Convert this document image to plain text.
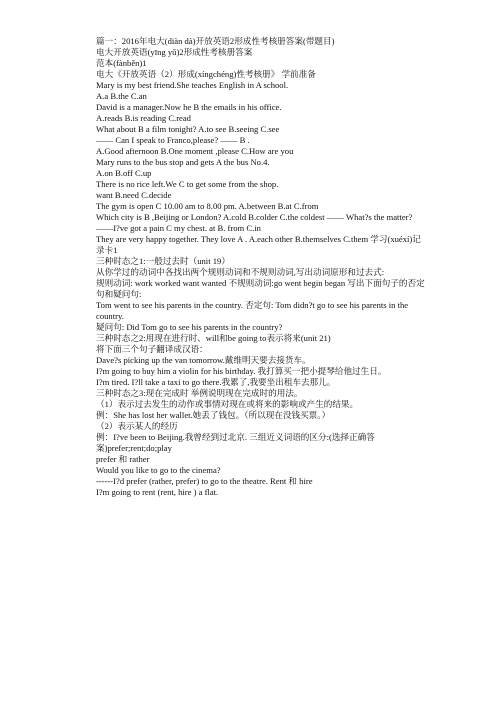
篇一：2016年电大(diàn dà)开放英语2形成性考核册答案(带题目)

电大开放英语(yīng yǔ)2形成性考核册答案

范本(fànběn)1

电大《开放英语（2）形成(xíngchéng)性考核册》 学前准备

Mary is my best friend.She teaches English in A school.

A.a B.the C.an

David is a manager.Now he B the emails in his office.

A.reads B.is reading C.read

What about B a film tonight? A.to see B.seeing C.see

—— Can I speak to Franco,please? —— B .

A.Good afternoon B.One moment ,please C.How are you

Mary runs to the bus stop and gets A the bus No.4.

A.on B.off C.up

There is no rice left.We C to get some from the shop.

want B.need C.decide

The gym is open C 10.00 am to 8.00 pm. A.between B.at C.from

Which city is B ,Beijing or London? A.cold B.colder C.the coldest —— What?s the matter?

——I?ve got a pain C my chest. at B. from C.in

They are very happy together. They love A . A.each other B.themselves C.them 学习(xuéxí)记录卡1

三种时态之1:一般过去时（unit 19）

从你学过的动词中各找出两个规则动词和不规则动词,写出动词原形和过去式:

规则动词: work worked want wanted 不规则动词:go went begin began 写出下面句子的否定句和疑问句:

Tom went to see his parents in the country. 否定句: Tom didn?t go to see his parents in the country.

疑问句: Did Tom go to see his parents in the country?

三种时态之2:用现在进行时、will和be going to表示将来(unit 21)

将下面三个句子翻译成汉语：

Dave?s picking up the van tomorrow.戴维明天要去接货车。

I?m going to buy him a violin for his birthday. 我打算买一把小提琴给他过生日。

I?m tired. I?ll take a taxi to go there.我累了,我要坐出租车去那儿。

三种时态之3:现在完成时 举例说明现在完成时的用法。

（1）表示过去发生的动作或事情对现在或将来的影响或产生的结果。

例：She has lost her wallet.她丢了钱包。（所以现在没钱买票。）

（2）表示某人的经历

例：I?ve been to Beijing.我曾经到过北京. 三组近义词语的区分:(选择正确答案)prefer;rent;do;play

prefer 和 rather

Would you like to go to the cinema?

------I?d prefer (rather, prefer) to go to the theatre. Rent 和 hire

I?m going to rent (rent, hire ) a flat.
